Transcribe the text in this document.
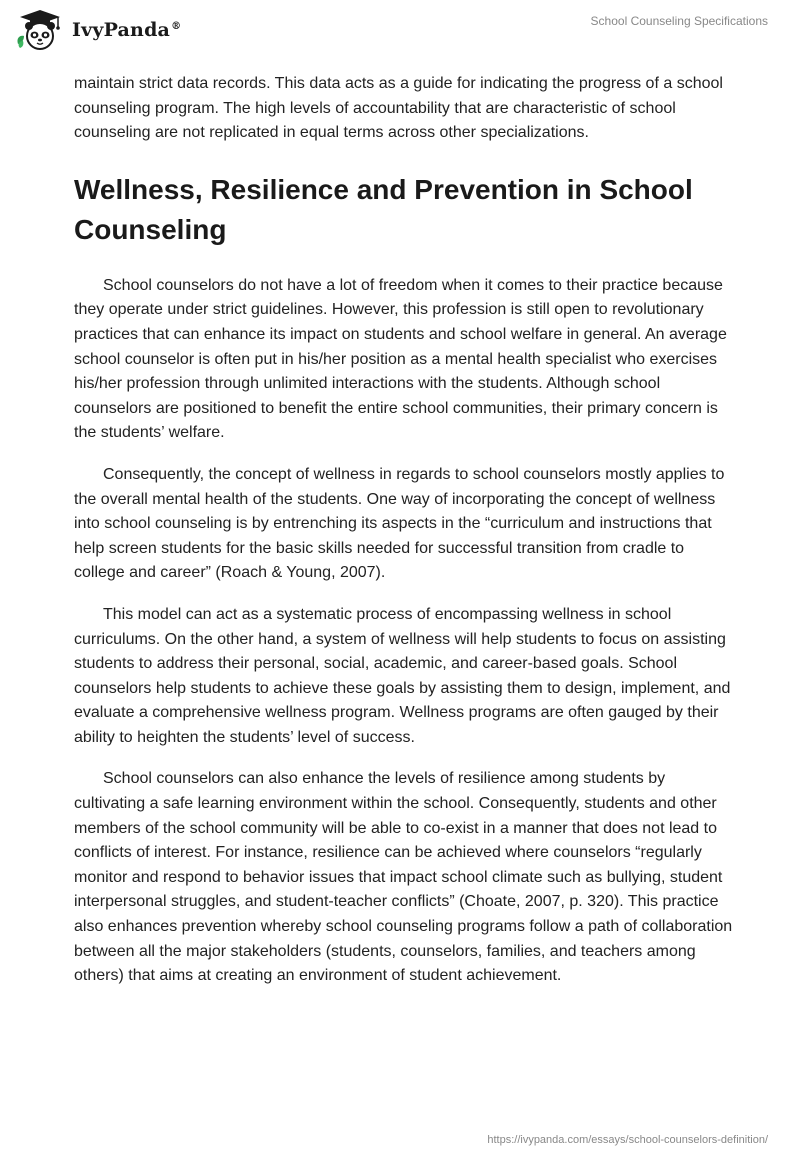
IvyPanda®	School Counseling Specifications

maintain strict data records. This data acts as a guide for indicating the progress of a school counseling program. The high levels of accountability that are characteristic of school counseling are not replicated in equal terms across other specializations.

Wellness, Resilience and Prevention in School Counseling

School counselors do not have a lot of freedom when it comes to their practice because they operate under strict guidelines. However, this profession is still open to revolutionary practices that can enhance its impact on students and school welfare in general. An average school counselor is often put in his/her position as a mental health specialist who exercises his/her profession through unlimited interactions with the students. Although school counselors are positioned to benefit the entire school communities, their primary concern is the students’ welfare.

Consequently, the concept of wellness in regards to school counselors mostly applies to the overall mental health of the students. One way of incorporating the concept of wellness into school counseling is by entrenching its aspects in the “curriculum and instructions that help screen students for the basic skills needed for successful transition from cradle to college and career” (Roach & Young, 2007).

This model can act as a systematic process of encompassing wellness in school curriculums. On the other hand, a system of wellness will help students to focus on assisting students to address their personal, social, academic, and career-based goals. School counselors help students to achieve these goals by assisting them to design, implement, and evaluate a comprehensive wellness program. Wellness programs are often gauged by their ability to heighten the students’ level of success.

School counselors can also enhance the levels of resilience among students by cultivating a safe learning environment within the school. Consequently, students and other members of the school community will be able to co-exist in a manner that does not lead to conflicts of interest. For instance, resilience can be achieved where counselors “regularly monitor and respond to behavior issues that impact school climate such as bullying, student interpersonal struggles, and student-teacher conflicts” (Choate, 2007, p. 320). This practice also enhances prevention whereby school counseling programs follow a path of collaboration between all the major stakeholders (students, counselors, families, and teachers among others) that aims at creating an environment of student achievement.

https://ivypanda.com/essays/school-counselors-definition/
